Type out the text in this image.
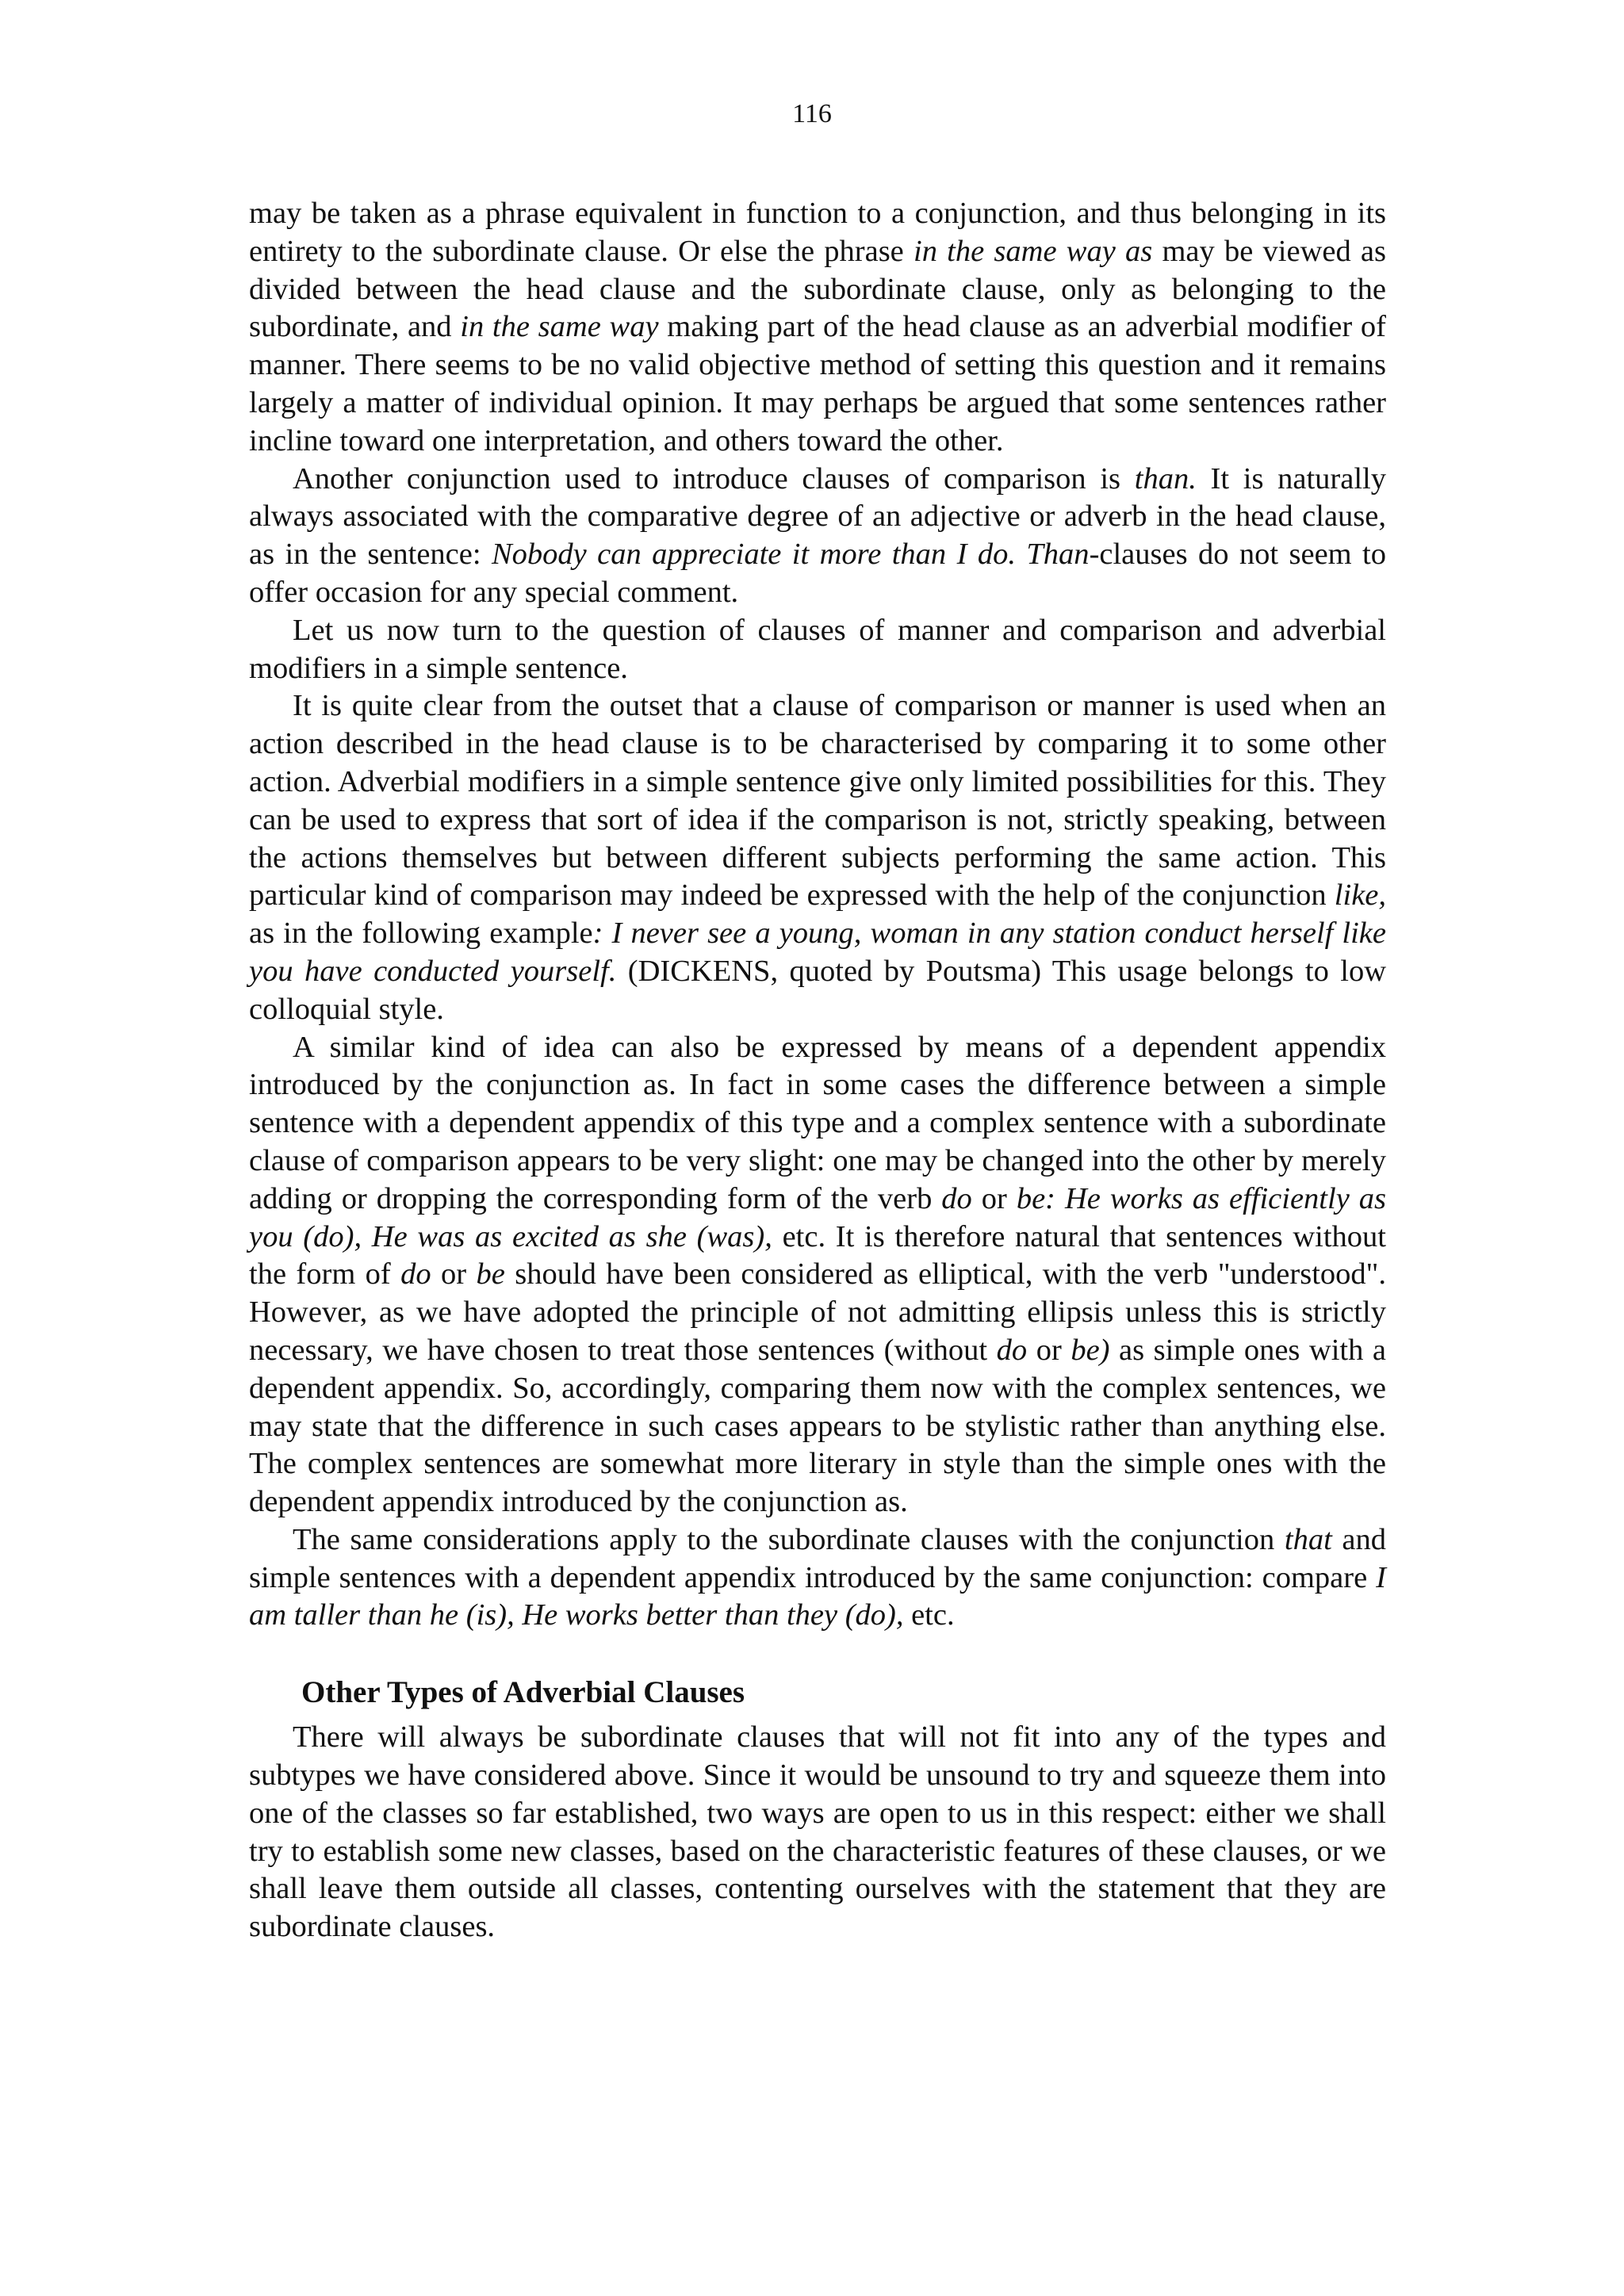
116

may be taken as a phrase equivalent in function to a conjunction, and thus belonging in its entirety to the subordinate clause. Or else the phrase in the same way as may be viewed as divided between the head clause and the subordinate clause, only as belonging to the subordinate, and in the same way making part of the head clause as an adverbial modifier of manner. There seems to be no valid objective method of setting this question and it remains largely a matter of individual opinion. It may perhaps be argued that some sentences rather incline toward one interpretation, and others toward the other.

Another conjunction used to introduce clauses of comparison is than. It is naturally always associated with the comparative degree of an adjective or adverb in the head clause, as in the sentence: Nobody can appreciate it more than I do. Than-clauses do not seem to offer occasion for any special comment.

Let us now turn to the question of clauses of manner and comparison and adverbial modifiers in a simple sentence.

It is quite clear from the outset that a clause of comparison or manner is used when an action described in the head clause is to be characterised by comparing it to some other action. Adverbial modifiers in a simple sentence give only limited possibilities for this. They can be used to express that sort of idea if the comparison is not, strictly speaking, between the actions themselves but between different subjects performing the same action. This particular kind of comparison may indeed be expressed with the help of the conjunction like, as in the following example: I never see a young, woman in any station conduct herself like you have conducted yourself. (DICKENS, quoted by Poutsma) This usage belongs to low colloquial style.

A similar kind of idea can also be expressed by means of a dependent appendix introduced by the conjunction as. In fact in some cases the difference between a simple sentence with a dependent appendix of this type and a complex sentence with a subordinate clause of comparison appears to be very slight: one may be changed into the other by merely adding or dropping the corresponding form of the verb do or be: He works as efficiently as you (do), He was as excited as she (was), etc. It is therefore natural that sentences without the form of do or be should have been considered as elliptical, with the verb "understood". However, as we have adopted the principle of not admitting ellipsis unless this is strictly necessary, we have chosen to treat those sentences (without do or be) as simple ones with a dependent appendix. So, accordingly, comparing them now with the complex sentences, we may state that the difference in such cases appears to be stylistic rather than anything else. The complex sentences are somewhat more literary in style than the simple ones with the dependent appendix introduced by the conjunction as.

The same considerations apply to the subordinate clauses with the conjunction that and simple sentences with a dependent appendix introduced by the same conjunction: compare I am taller than he (is), He works better than they (do), etc.

Other Types of Adverbial Clauses

There will always be subordinate clauses that will not fit into any of the types and subtypes we have considered above. Since it would be unsound to try and squeeze them into one of the classes so far established, two ways are open to us in this respect: either we shall try to establish some new classes, based on the characteristic features of these clauses, or we shall leave them outside all classes, contenting ourselves with the statement that they are subordinate clauses.
